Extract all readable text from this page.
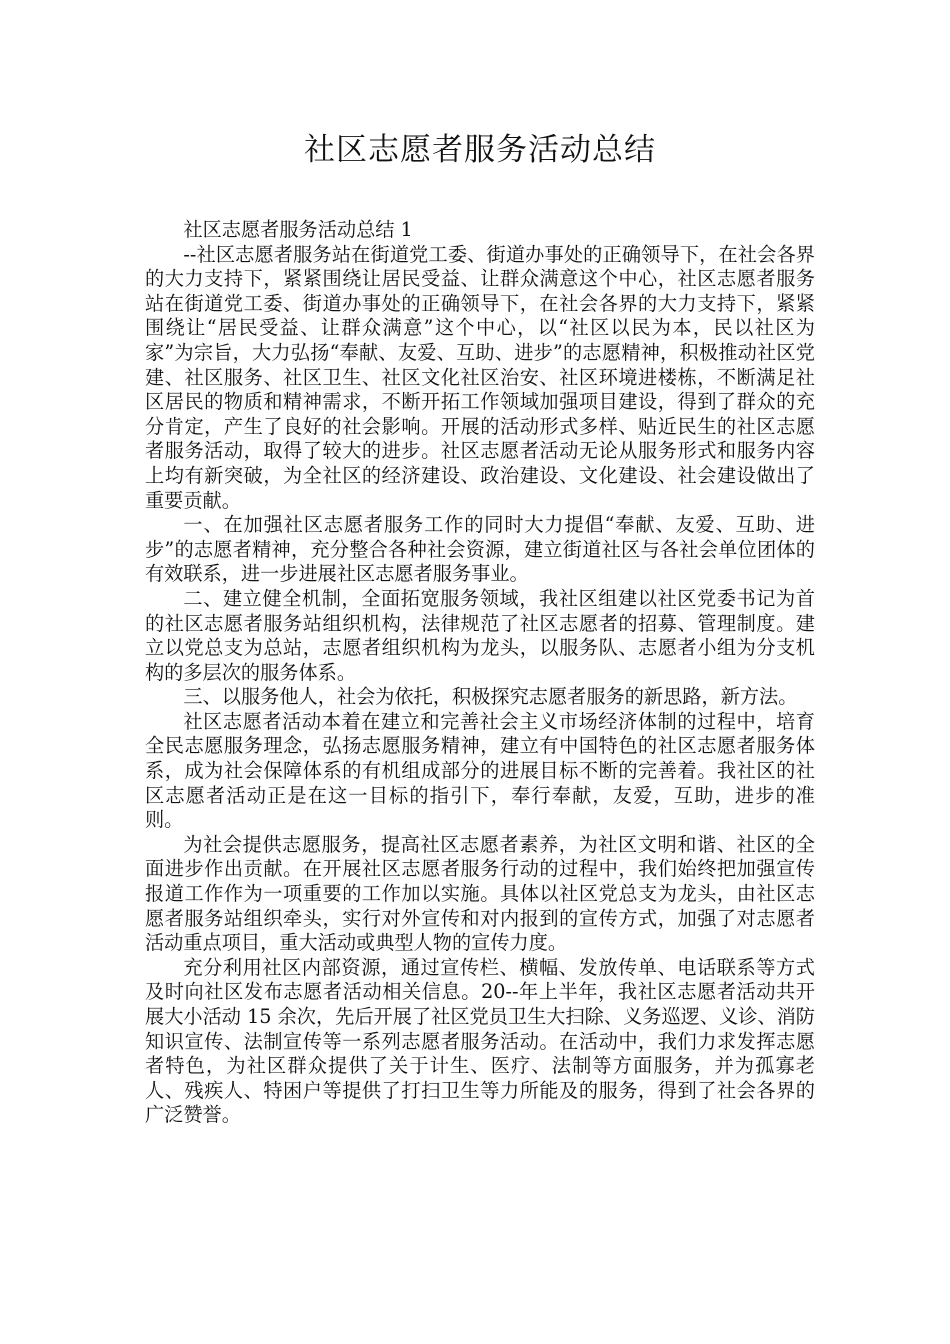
社区志愿者服务活动总结

社区志愿者服务活动总结 1

--社区志愿者服务站在街道党工委、街道办事处的正确领导下，在社会各界的大力支持下，紧紧围绕让居民受益、让群众满意这个中心，社区志愿者服务站在街道党工委、街道办事处的正确领导下，在社会各界的大力支持下，紧紧围绕让“居民受益、让群众满意”这个中心，以“社区以民为本，民以社区为家”为宗旨，大力弘扬“奉献、友爱、互助、进步”的志愿精神，积极推动社区党建、社区服务、社区卫生、社区文化社区治安、社区环境进楼栋，不断满足社区居民的物质和精神需求，不断开拓工作领域加强项目建设，得到了群众的充分肯定，产生了良好的社会影响。开展的活动形式多样、贴近民生的社区志愿者服务活动，取得了较大的进步。社区志愿者活动无论从服务形式和服务内容上均有新突破，为全社区的经济建设、政治建设、文化建设、社会建设做出了重要贡献。

一、在加强社区志愿者服务工作的同时大力提倡“奉献、友爱、互助、进步”的志愿者精神，充分整合各种社会资源，建立街道社区与各社会单位团体的有效联系，进一步进展社区志愿者服务事业。

二、建立健全机制，全面拓宽服务领域，我社区组建以社区党委书记为首的社区志愿者服务站组织机构，法律规范了社区志愿者的招募、管理制度。建立以党总支为总站，志愿者组织机构为龙头，以服务队、志愿者小组为分支机构的多层次的服务体系。

三、以服务他人，社会为依托，积极探究志愿者服务的新思路，新方法。

社区志愿者活动本着在建立和完善社会主义市场经济体制的过程中，培育全民志愿服务理念，弘扬志愿服务精神，建立有中国特色的社区志愿者服务体系，成为社会保障体系的有机组成部分的进展目标不断的完善着。我社区的社区志愿者活动正是在这一目标的指引下，奉行奉献，友爱，互助，进步的准则。

为社会提供志愿服务，提高社区志愿者素养，为社区文明和谐、社区的全面进步作出贡献。在开展社区志愿者服务行动的过程中，我们始终把加强宣传报道工作作为一项重要的工作加以实施。具体以社区党总支为龙头，由社区志愿者服务站组织牵头，实行对外宣传和对内报到的宣传方式，加强了对志愿者活动重点项目，重大活动或典型人物的宣传力度。

充分利用社区内部资源，通过宣传栏、横幅、发放传单、电话联系等方式及时向社区发布志愿者活动相关信息。20--年上半年，我社区志愿者活动共开展大小活动 15 余次，先后开展了社区党员卫生大扫除、义务巡逻、义诊、消防知识宣传、法制宣传等一系列志愿者服务活动。在活动中，我们力求发挥志愿者特色，为社区群众提供了关于计生、医疗、法制等方面服务，并为孤寡老人、残疾人、特困户等提供了打扫卫生等力所能及的服务，得到了社会各界的广泛赞誉。
